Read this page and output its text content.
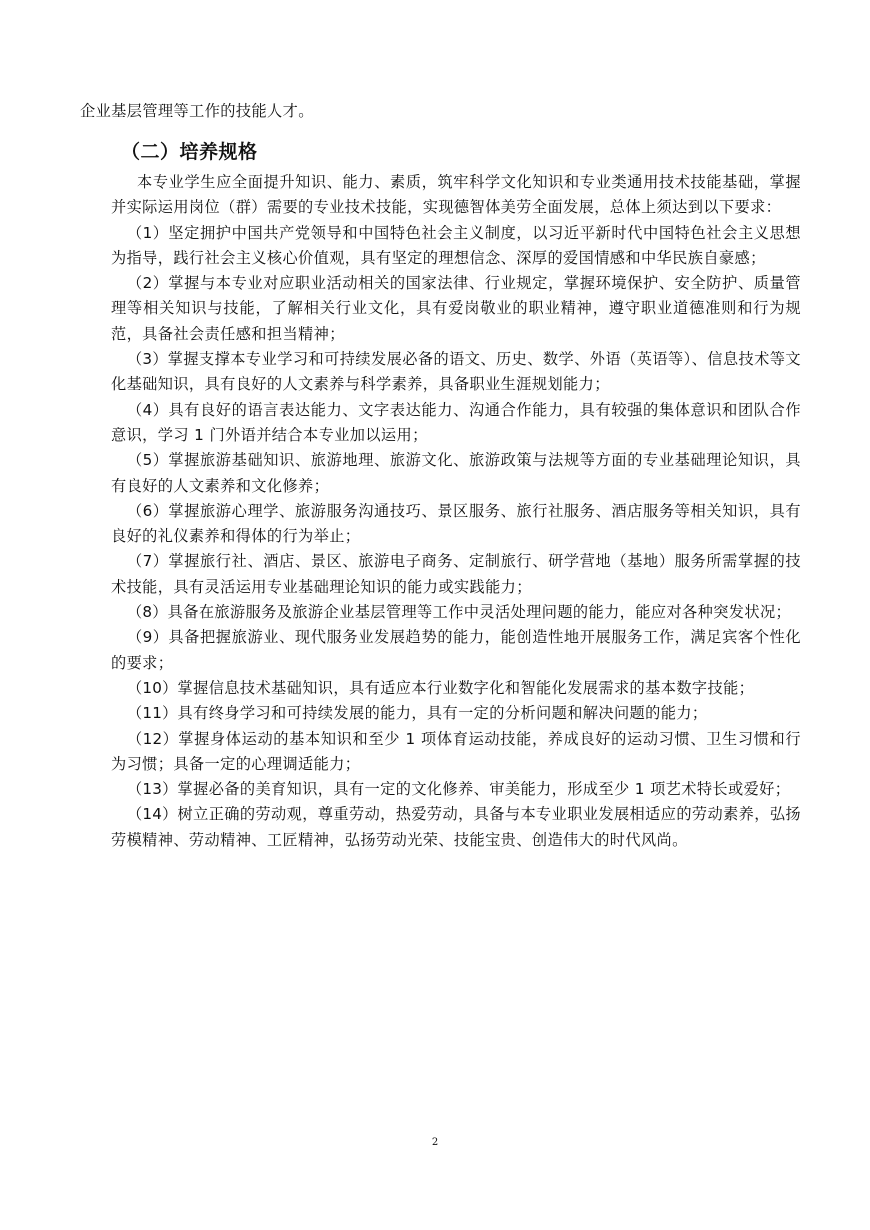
企业基层管理等工作的技能人才。
（二）培养规格

本专业学生应全面提升知识、能力、素质，筑牢科学文化知识和专业类通用技术技能基础，掌握并实际运用岗位（群）需要的专业技术技能，实现德智体美劳全面发展，总体上须达到以下要求：

（1）坚定拥护中国共产党领导和中国特色社会主义制度，以习近平新时代中国特色社会主义思想为指导，践行社会主义核心价值观，具有坚定的理想信念、深厚的爱国情感和中华民族自豪感；

（2）掌握与本专业对应职业活动相关的国家法律、行业规定，掌握环境保护、安全防护、质量管理等相关知识与技能，了解相关行业文化，具有爱岗敬业的职业精神，遵守职业道德准则和行为规范，具备社会责任感和担当精神；

（3）掌握支撑本专业学习和可持续发展必备的语文、历史、数学、外语（英语等）、信息技术等文化基础知识，具有良好的人文素养与科学素养，具备职业生涯规划能力；

（4）具有良好的语言表达能力、文字表达能力、沟通合作能力，具有较强的集体意识和团队合作意识，学习 1 门外语并结合本专业加以运用；

（5）掌握旅游基础知识、旅游地理、旅游文化、旅游政策与法规等方面的专业基础理论知识，具有良好的人文素养和文化修养；

（6）掌握旅游心理学、旅游服务沟通技巧、景区服务、旅行社服务、酒店服务等相关知识，具有良好的礼仪素养和得体的行为举止；

（7）掌握旅行社、酒店、景区、旅游电子商务、定制旅行、研学营地（基地）服务所需掌握的技术技能，具有灵活运用专业基础理论知识的能力或实践能力；

（8）具备在旅游服务及旅游企业基层管理等工作中灵活处理问题的能力，能应对各种突发状况；

（9）具备把握旅游业、现代服务业发展趋势的能力，能创造性地开展服务工作，满足宾客个性化的要求；

（10）掌握信息技术基础知识，具有适应本行业数字化和智能化发展需求的基本数字技能；

（11）具有终身学习和可持续发展的能力，具有一定的分析问题和解决问题的能力；

（12）掌握身体运动的基本知识和至少 1 项体育运动技能，养成良好的运动习惯、卫生习惯和行为习惯；具备一定的心理调适能力；

（13）掌握必备的美育知识，具有一定的文化修养、审美能力，形成至少 1 项艺术特长或爱好；

（14）树立正确的劳动观，尊重劳动，热爱劳动，具备与本专业职业发展相适应的劳动素养，弘扬劳模精神、劳动精神、工匠精神，弘扬劳动光荣、技能宝贵、创造伟大的时代风尚。

2
